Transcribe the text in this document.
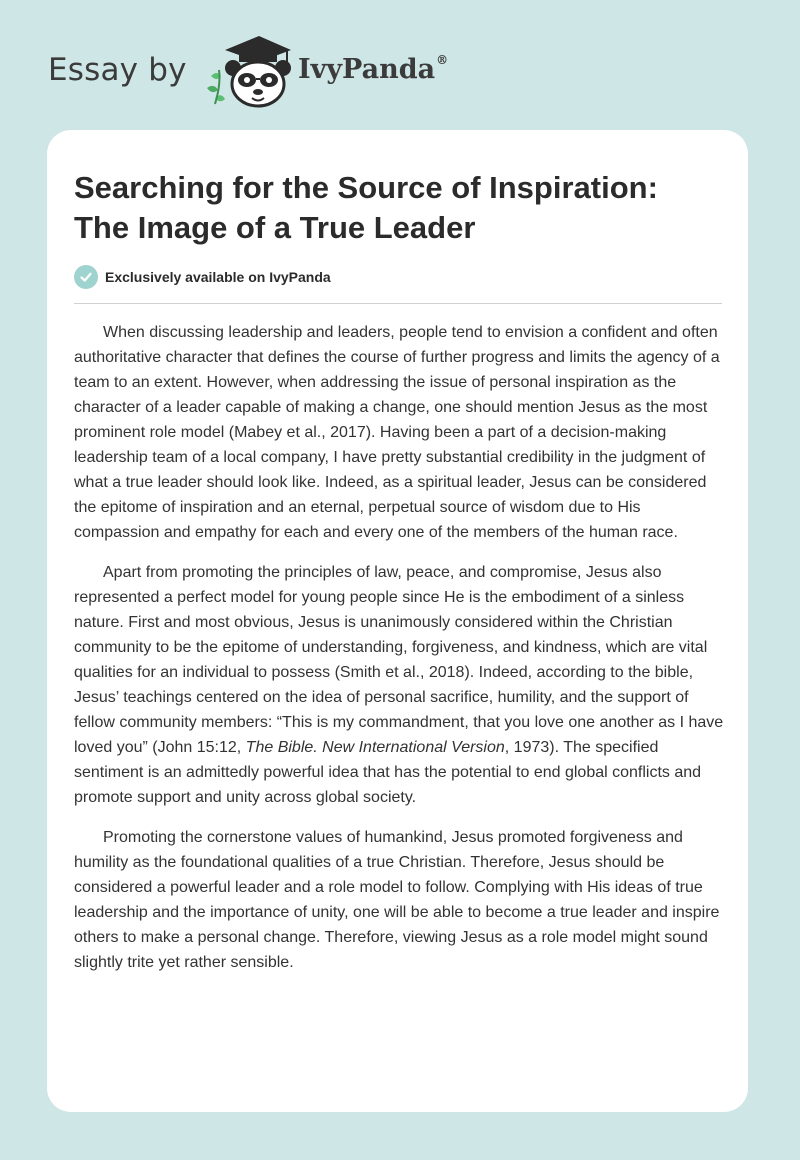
Essay by	IvyPanda®
Searching for the Source of Inspiration:
The Image of a True Leader
Exclusively available on IvyPanda

When discussing leadership and leaders, people tend to envision a confident and often authoritative character that defines the course of further progress and limits the agency of a team to an extent. However, when addressing the issue of personal inspiration as the character of a leader capable of making a change, one should mention Jesus as the most prominent role model (Mabey et al., 2017). Having been a part of a decision-making leadership team of a local company, I have pretty substantial credibility in the judgment of what a true leader should look like. Indeed, as a spiritual leader, Jesus can be considered the epitome of inspiration and an eternal, perpetual source of wisdom due to His compassion and empathy for each and every one of the members of the human race.

Apart from promoting the principles of law, peace, and compromise, Jesus also represented a perfect model for young people since He is the embodiment of a sinless nature. First and most obvious, Jesus is unanimously considered within the Christian community to be the epitome of understanding, forgiveness, and kindness, which are vital qualities for an individual to possess (Smith et al., 2018). Indeed, according to the bible, Jesus’ teachings centered on the idea of personal sacrifice, humility, and the support of fellow community members: “This is my commandment, that you love one another as I have loved you” (John 15:12, The Bible. New International Version, 1973). The specified sentiment is an admittedly powerful idea that has the potential to end global conflicts and promote support and unity across global society.

Promoting the cornerstone values of humankind, Jesus promoted forgiveness and humility as the foundational qualities of a true Christian. Therefore, Jesus should be considered a powerful leader and a role model to follow. Complying with His ideas of true leadership and the importance of unity, one will be able to become a true leader and inspire others to make a personal change. Therefore, viewing Jesus as a role model might sound slightly trite yet rather sensible.
